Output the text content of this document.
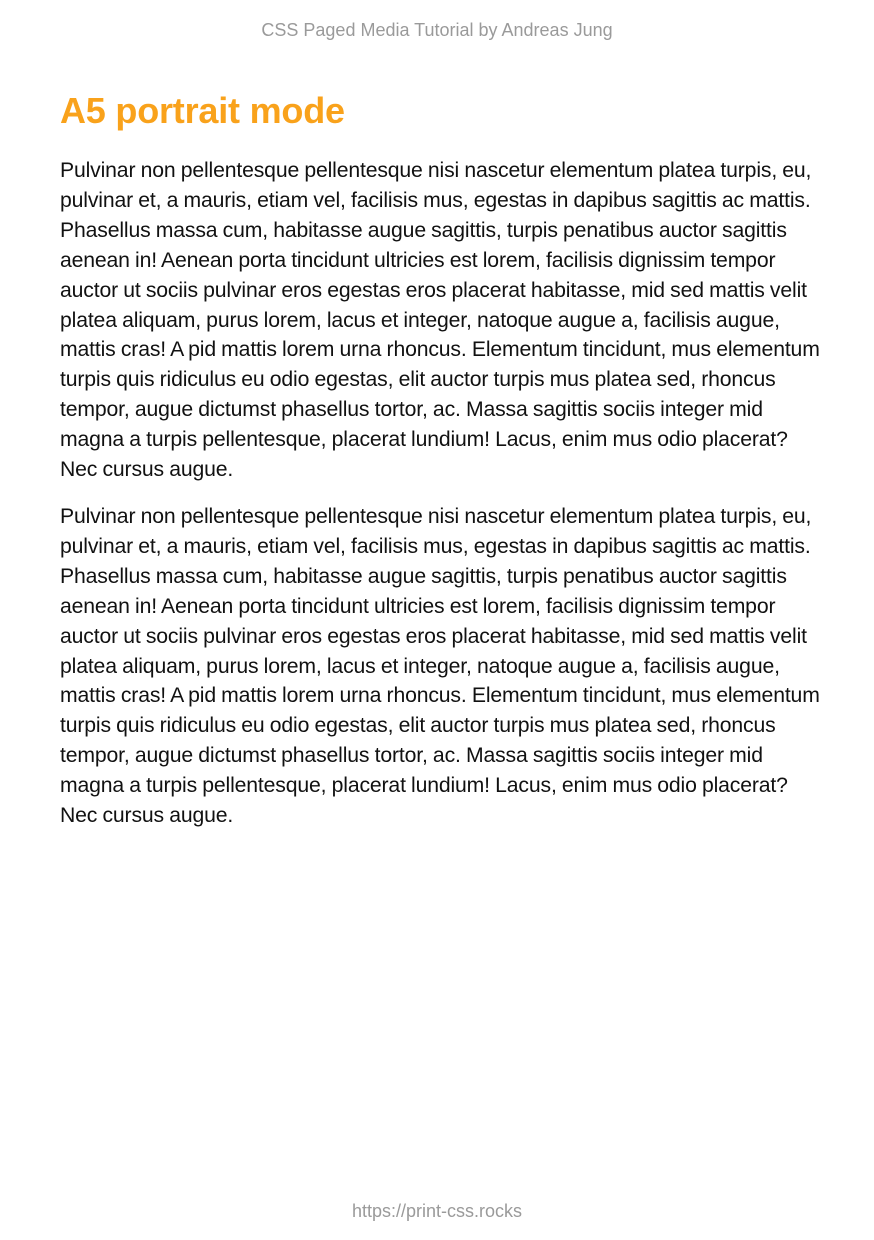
CSS Paged Media Tutorial by Andreas Jung
A5 portrait mode

Pulvinar non pellentesque pellentesque nisi nascetur elementum platea turpis, eu, pulvinar et, a mauris, etiam vel, facilisis mus, egestas in dapibus sagittis ac mattis. Phasellus massa cum, habitasse augue sagittis, turpis penatibus auctor sagittis aenean in! Aenean porta tincidunt ultricies est lorem, facilisis dignissim tempor auctor ut sociis pulvinar eros egestas eros placerat habitasse, mid sed mattis velit platea aliquam, purus lorem, lacus et integer, natoque augue a, facilisis augue, mattis cras! A pid mattis lorem urna rhoncus. Elementum tincidunt, mus elementum turpis quis ridiculus eu odio egestas, elit auctor turpis mus platea sed, rhoncus tempor, augue dictumst phasellus tortor, ac. Massa sagittis sociis integer mid magna a turpis pellentesque, placerat lundium! Lacus, enim mus odio placerat? Nec cursus augue.

Pulvinar non pellentesque pellentesque nisi nascetur elementum platea turpis, eu, pulvinar et, a mauris, etiam vel, facilisis mus, egestas in dapibus sagittis ac mattis. Phasellus massa cum, habitasse augue sagittis, turpis penatibus auctor sagittis aenean in! Aenean porta tincidunt ultricies est lorem, facilisis dignissim tempor auctor ut sociis pulvinar eros egestas eros placerat habitasse, mid sed mattis velit platea aliquam, purus lorem, lacus et integer, natoque augue a, facilisis augue, mattis cras! A pid mattis lorem urna rhoncus. Elementum tincidunt, mus elementum turpis quis ridiculus eu odio egestas, elit auctor turpis mus platea sed, rhoncus tempor, augue dictumst phasellus tortor, ac. Massa sagittis sociis integer mid magna a turpis pellentesque, placerat lundium! Lacus, enim mus odio placerat? Nec cursus augue.

https://print-css.rocks
